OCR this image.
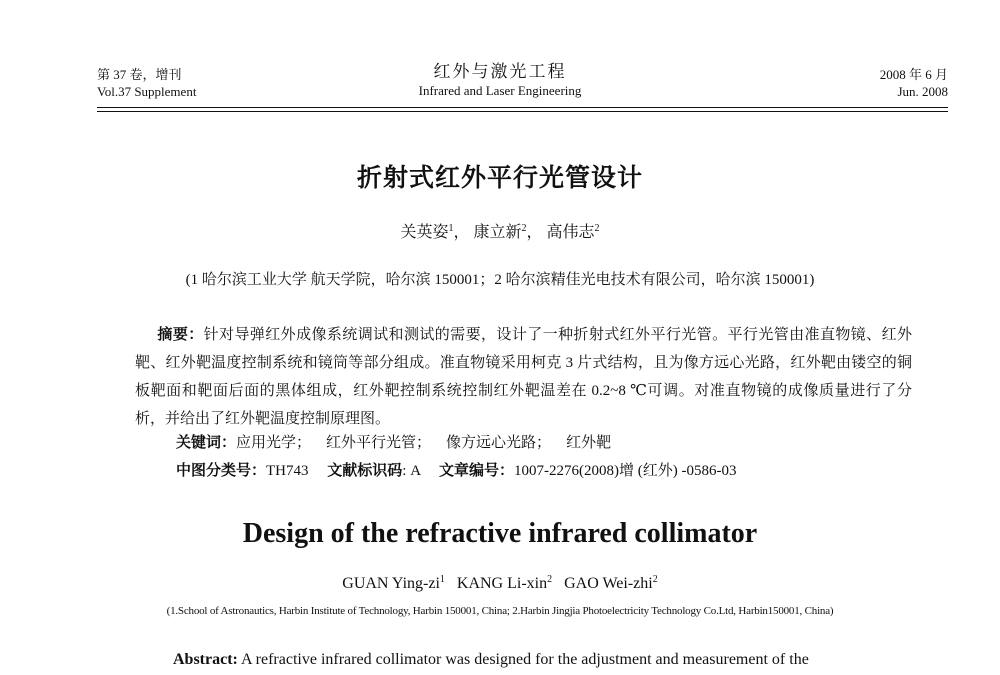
第 37 卷，增刊
Vol.37 Supplement
红外与激光工程
Infrared and Laser Engineering
2008 年 6 月
Jun. 2008
折射式红外平行光管设计
关英姿$^1$， 康立新$^2$， 高伟志$^2$
(1 哈尔滨工业大学 航天学院，哈尔滨 150001；2 哈尔滨精佳光电技术有限公司，哈尔滨 150001)
摘要：针对导弹红外成像系统调试和测试的需要，设计了一种折射式红外平行光管。平行光管由准直物镜、红外靶、红外靶温度控制系统和镜筒等部分组成。准直物镜采用柯克 3 片式结构，且为像方远心光路，红外靶由镂空的铜板靶面和靶面后面的黑体组成，红外靶控制系统控制红外靶温差在 0.2~8 ℃可调。对准直物镜的成像质量进行了分析，并给出了红外靶温度控制原理图。
关键词：应用光学； 红外平行光管； 像方远心光路； 红外靶
中图分类号：TH743 文献标识码: A 文章编号：1007-2276(2008)增 (红外) -0586-03
Design of the refractive infrared collimator
GUAN Ying-$zi^1$ KANG Li-xin$^2$ GAO Wei-zhi$^2$
(1.School of Astronautics, Harbin Institute of Technology, Harbin 150001, China; 2.Harbin Jingjia Photoelectricity Technology Co.Ltd, Harbin150001, China)
Abstract: A refractive infrared collimator was designed for the adjustment and measurement of the
